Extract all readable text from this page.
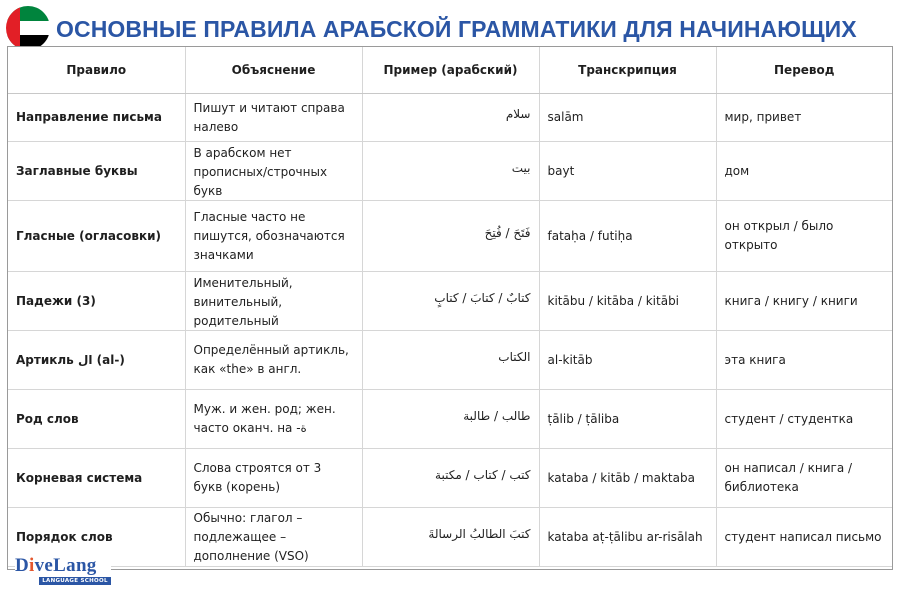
ОСНОВНЫЕ ПРАВИЛА АРАБСКОЙ ГРАММАТИКИ ДЛЯ НАЧИНАЮЩИХ
Правило	Объяснение	Пример (арабский)	Транскрипция	Перевод
Направление письма	Пишут и читают справа налево	سلام	salām	мир, привет
Заглавные буквы	В арабском нет прописных/строчных букв	بيت	bayt	дом
Гласные (огласовки)	Гласные часто не пишутся, обозначаются значками	فَتَحَ / فُتِحَ	fataḥa / futiḥa	он открыл / было открыто
Падежи (3)	Именительный, винительный, родительный	كتابٌ / كتابَ / كتابٍ	kitābu / kitāba / kitābi	книга / книгу / книги
Артикль ال (al-)	Определённый артикль, как «the» в англ.	الكتاب	al-kitāb	эта книга
Род слов	Муж. и жен. род; жен. часто оканч. на -ة	طالب / طالبة	ṭālib / ṭāliba	студент / студентка
Корневая система	Слова строятся от 3 букв (корень)	كتب / كتاب / مكتبة	kataba / kitāb / maktaba	он написал / книга / библиотека
Порядок слов	Обычно: глагол – подлежащее – дополнение (VSO)	كتبَ الطالبُ الرسالةَ	kataba aṭ-ṭālibu ar-risālah	студент написал письмо
DiveLang
LANGUAGE SCHOOL
